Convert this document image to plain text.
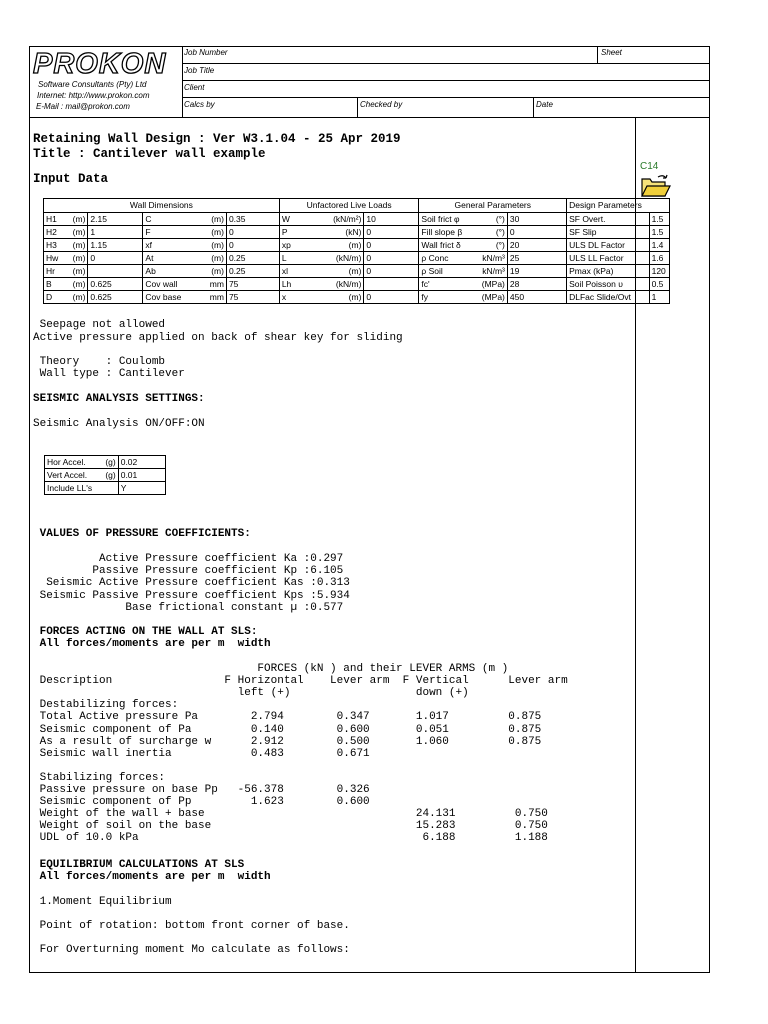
PROKON
Software Consultants (Pty) Ltd
Internet: http://www.prokon.com
E-Mail : mail@prokon.com
Job Number	Sheet
Job Title
Client
Calcs by	Checked by	Date
Retaining Wall Design : Ver W3.1.04 - 25 Apr 2019
Title : Cantilever wall example
Input Data
C14
Wall Dimensions						Unfactored Live Loads			General Parameters			Design Parameters	
H1	(m)	2.15	C	(m)	0.35	W	(kN/m²)	10	Soil frict φ	(°)	30	SF Overt.	1.5
H2	(m)	1	F	(m)	0	P	(kN)	0	Fill slope β	(°)	0	SF Slip	1.5
H3	(m)	1.15	xf	(m)	0	xp	(m)	0	Wall frict δ	(°)	20	ULS DL Factor	1.4
Hw	(m)	0	At	(m)	0.25	L	(kN/m)	0	ρ Conc	kN/m³	25	ULS LL Factor	1.6
Hr	(m)		Ab	(m)	0.25	xl	(m)	0	ρ Soil	kN/m³	19	Pmax (kPa)	120
B	(m)	0.625	Cov wall	mm	75	Lh	(kN/m)		fc'	(MPa)	28	Soil Poisson υ	0.5
D	(m)	0.625	Cov base	mm	75	x	(m)	0	fy	(MPa)	450	DLFac Slide/Ovt	1
Seepage not allowed
Active pressure applied on back of shear key for sliding
Theory    : Coulomb
Wall type : Cantilever
SEISMIC ANALYSIS SETTINGS:
Seismic Analysis ON/OFF:ON
Hor Accel.	(g)	0.02
Vert Accel.	(g)	0.01
Include LL's		Y
VALUES OF PRESSURE COEFFICIENTS:
Active Pressure coefficient Ka :0.297
Passive Pressure coefficient Kp :6.105
Seismic Active Pressure coefficient Kas :0.313
Seismic Passive Pressure coefficient Kps :5.934
Base frictional constant µ :0.577
FORCES ACTING ON THE WALL AT SLS:
All forces/moments are per m  width
FORCES (kN ) and their LEVER ARMS (m )
Description                 F Horizontal    Lever arm  F Vertical      Lever arm
left (+)                   down (+)
Destabilizing forces:
Total Active pressure Pa        2.794        0.347       1.017         0.875
Seismic component of Pa         0.140        0.600       0.051         0.875
As a result of surcharge w      2.912        0.500       1.060         0.875
Seismic wall inertia            0.483        0.671
Stabilizing forces:
Passive pressure on base Pp   -56.378        0.326
Seismic component of Pp         1.623        0.600
Weight of the wall + base                                24.131         0.750
Weight of soil on the base                               15.283         0.750
UDL of 10.0 kPa                                           6.188         1.188
EQUILIBRIUM CALCULATIONS AT SLS
All forces/moments are per m  width
1.Moment Equilibrium
Point of rotation: bottom front corner of base.
For Overturning moment Mo calculate as follows:
